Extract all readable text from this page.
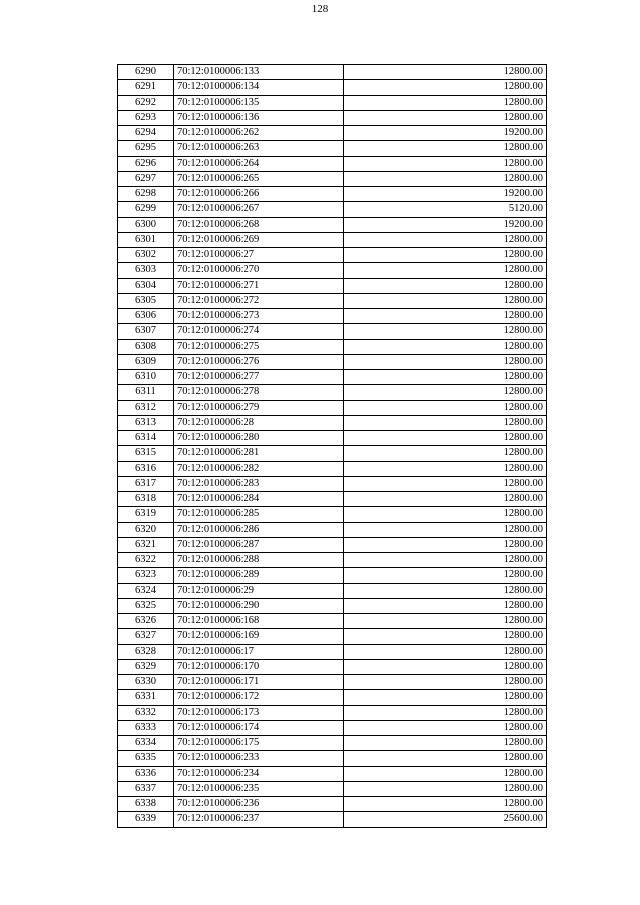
128
6290	70:12:0100006:133	12800.00
6291	70:12:0100006:134	12800.00
6292	70:12:0100006:135	12800.00
6293	70:12:0100006:136	12800.00
6294	70:12:0100006:262	19200.00
6295	70:12:0100006:263	12800.00
6296	70:12:0100006:264	12800.00
6297	70:12:0100006:265	12800.00
6298	70:12:0100006:266	19200.00
6299	70:12:0100006:267	5120.00
6300	70:12:0100006:268	19200.00
6301	70:12:0100006:269	12800.00
6302	70:12:0100006:27	12800.00
6303	70:12:0100006:270	12800.00
6304	70:12:0100006:271	12800.00
6305	70:12:0100006:272	12800.00
6306	70:12:0100006:273	12800.00
6307	70:12:0100006:274	12800.00
6308	70:12:0100006:275	12800.00
6309	70:12:0100006:276	12800.00
6310	70:12:0100006:277	12800.00
6311	70:12:0100006:278	12800.00
6312	70:12:0100006:279	12800.00
6313	70:12:0100006:28	12800.00
6314	70:12:0100006:280	12800.00
6315	70:12:0100006:281	12800.00
6316	70:12:0100006:282	12800.00
6317	70:12:0100006:283	12800.00
6318	70:12:0100006:284	12800.00
6319	70:12:0100006:285	12800.00
6320	70:12:0100006:286	12800.00
6321	70:12:0100006:287	12800.00
6322	70:12:0100006:288	12800.00
6323	70:12:0100006:289	12800.00
6324	70:12:0100006:29	12800.00
6325	70:12:0100006:290	12800.00
6326	70:12:0100006:168	12800.00
6327	70:12:0100006:169	12800.00
6328	70:12:0100006:17	12800.00
6329	70:12:0100006:170	12800.00
6330	70:12:0100006:171	12800.00
6331	70:12:0100006:172	12800.00
6332	70:12:0100006:173	12800.00
6333	70:12:0100006:174	12800.00
6334	70:12:0100006:175	12800.00
6335	70:12:0100006:233	12800.00
6336	70:12:0100006:234	12800.00
6337	70:12:0100006:235	12800.00
6338	70:12:0100006:236	12800.00
6339	70:12:0100006:237	25600.00
